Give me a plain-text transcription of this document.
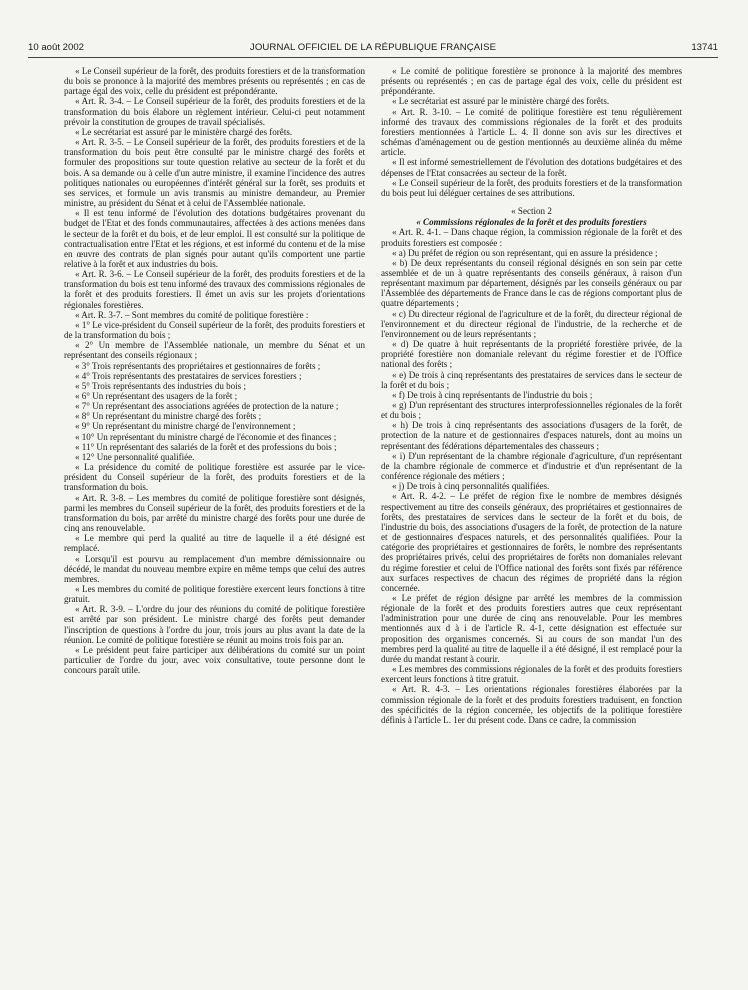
10 août 2002	JOURNAL OFFICIEL DE LA RÉPUBLIQUE FRANÇAISE	13741

« Le Conseil supérieur de la forêt, des produits forestiers et de la transformation du bois se prononce à la majorité des membres présents ou représentés ; en cas de partage égal des voix, celle du président est prépondérante.

« Art. R. 3-4. – Le Conseil supérieur de la forêt, des produits forestiers et de la transformation du bois élabore un règlement intérieur. Celui-ci peut notamment prévoir la constitution de groupes de travail spécialisés.

« Le secrétariat est assuré par le ministère chargé des forêts.

« Art. R. 3-5. – Le Conseil supérieur de la forêt, des produits forestiers et de la transformation du bois peut être consulté par le ministre chargé des forêts et formuler des propositions sur toute question relative au secteur de la forêt et du bois. A sa demande ou à celle d'un autre ministre, il examine l'incidence des autres politiques nationales ou européennes d'intérêt général sur la forêt, ses produits et ses services, et formule un avis transmis au ministre demandeur, au Premier ministre, au président du Sénat et à celui de l'Assemblée nationale.

« Il est tenu informé de l'évolution des dotations budgétaires provenant du budget de l'Etat et des fonds communautaires, affectées à des actions menées dans le secteur de la forêt et du bois, et de leur emploi. Il est consulté sur la politique de contractualisation entre l'Etat et les régions, et est informé du contenu et de la mise en œuvre des contrats de plan signés pour autant qu'ils comportent une partie relative à la forêt et aux industries du bois.

« Art. R. 3-6. – Le Conseil supérieur de la forêt, des produits forestiers et de la transformation du bois est tenu informé des travaux des commissions régionales de la forêt et des produits forestiers. Il émet un avis sur les projets d'orientations régionales forestières.

« Art. R. 3-7. – Sont membres du comité de politique forestière :

« 1° Le vice-président du Conseil supérieur de la forêt, des produits forestiers et de la transformation du bois ;

« 2° Un membre de l'Assemblée nationale, un membre du Sénat et un représentant des conseils régionaux ;

« 3° Trois représentants des propriétaires et gestionnaires de forêts ;

« 4° Trois représentants des prestataires de services forestiers ;

« 5° Trois représentants des industries du bois ;

« 6° Un représentant des usagers de la forêt ;

« 7° Un représentant des associations agréées de protection de la nature ;

« 8° Un représentant du ministre chargé des forêts ;

« 9° Un représentant du ministre chargé de l'environnement ;

« 10° Un représentant du ministre chargé de l'économie et des finances ;

« 11° Un représentant des salariés de la forêt et des professions du bois ;

« 12° Une personnalité qualifiée.

« La présidence du comité de politique forestière est assurée par le vice-président du Conseil supérieur de la forêt, des produits forestiers et de la transformation du bois.

« Art. R. 3-8. – Les membres du comité de politique forestière sont désignés, parmi les membres du Conseil supérieur de la forêt, des produits forestiers et de la transformation du bois, par arrêté du ministre chargé des forêts pour une durée de cinq ans renouvelable.

« Le membre qui perd la qualité au titre de laquelle il a été désigné est remplacé.

« Lorsqu'il est pourvu au remplacement d'un membre démissionnaire ou décédé, le mandat du nouveau membre expire en même temps que celui des autres membres.

« Les membres du comité de politique forestière exercent leurs fonctions à titre gratuit.

« Art. R. 3-9. – L'ordre du jour des réunions du comité de politique forestière est arrêté par son président. Le ministre chargé des forêts peut demander l'inscription de questions à l'ordre du jour, trois jours au plus avant la date de la réunion. Le comité de politique forestière se réunit au moins trois fois par an.

« Le président peut faire participer aux délibérations du comité sur un point particulier de l'ordre du jour, avec voix consultative, toute personne dont le concours paraît utile.

« Le comité de politique forestière se prononce à la majorité des membres présents ou représentés ; en cas de partage égal des voix, celle du président est prépondérante.

« Le secrétariat est assuré par le ministère chargé des forêts.

« Art. R. 3-10. – Le comité de politique forestière est tenu régulièrement informé des travaux des commissions régionales de la forêt et des produits forestiers mentionnées à l'article L. 4. Il donne son avis sur les directives et schémas d'aménagement ou de gestion mentionnés au deuxième alinéa du même article.

« Il est informé semestriellement de l'évolution des dotations budgétaires et des dépenses de l'Etat consacrées au secteur de la forêt.

« Le Conseil supérieur de la forêt, des produits forestiers et de la transformation du bois peut lui déléguer certaines de ses attributions.

« Section 2

« Commissions régionales de la forêt et des produits forestiers

« Art. R. 4-1. – Dans chaque région, la commission régionale de la forêt et des produits forestiers est composée :

« a) Du préfet de région ou son représentant, qui en assure la présidence ;

« b) De deux représentants du conseil régional désignés en son sein par cette assemblée et de un à quatre représentants des conseils généraux, à raison d'un représentant maximum par département, désignés par les conseils généraux ou par l'Assemblée des départements de France dans le cas de régions comportant plus de quatre départements ;

« c) Du directeur régional de l'agriculture et de la forêt, du directeur régional de l'environnement et du directeur régional de l'industrie, de la recherche et de l'environnement ou de leurs représentants ;

« d) De quatre à huit représentants de la propriété forestière privée, de la propriété forestière non domaniale relevant du régime forestier et de l'Office national des forêts ;

« e) De trois à cinq représentants des prestataires de services dans le secteur de la forêt et du bois ;

« f) De trois à cinq représentants de l'industrie du bois ;

« g) D'un représentant des structures interprofessionnelles régionales de la forêt et du bois ;

« h) De trois à cinq représentants des associations d'usagers de la forêt, de protection de la nature et de gestionnaires d'espaces naturels, dont au moins un représentant des fédérations départementales des chasseurs ;

« i) D'un représentant de la chambre régionale d'agriculture, d'un représentant de la chambre régionale de commerce et d'industrie et d'un représentant de la conférence régionale des métiers ;

« j) De trois à cinq personnalités qualifiées.

« Art. R. 4-2. – Le préfet de région fixe le nombre de membres désignés respectivement au titre des conseils généraux, des propriétaires et gestionnaires de forêts, des prestataires de services dans le secteur de la forêt et du bois, de l'industrie du bois, des associations d'usagers de la forêt, de protection de la nature et de gestionnaires d'espaces naturels, et des personnalités qualifiées. Pour la catégorie des propriétaires et gestionnaires de forêts, le nombre des représentants des propriétaires privés, celui des propriétaires de forêts non domaniales relevant du régime forestier et celui de l'Office national des forêts sont fixés par référence aux surfaces respectives de chacun des régimes de propriété dans la région concernée.

« Le préfet de région désigne par arrêté les membres de la commission régionale de la forêt et des produits forestiers autres que ceux représentant l'administration pour une durée de cinq ans renouvelable. Pour les membres mentionnés aux d à i de l'article R. 4-1, cette désignation est effectuée sur proposition des organismes concernés. Si au cours de son mandat l'un des membres perd la qualité au titre de laquelle il a été désigné, il est remplacé pour la durée du mandat restant à courir.

« Les membres des commissions régionales de la forêt et des produits forestiers exercent leurs fonctions à titre gratuit.

« Art. R. 4-3. – Les orientations régionales forestières élaborées par la commission régionale de la forêt et des produits forestiers traduisent, en fonction des spécificités de la région concernée, les objectifs de la politique forestière définis à l'article L. 1er du présent code. Dans ce cadre, la commission
